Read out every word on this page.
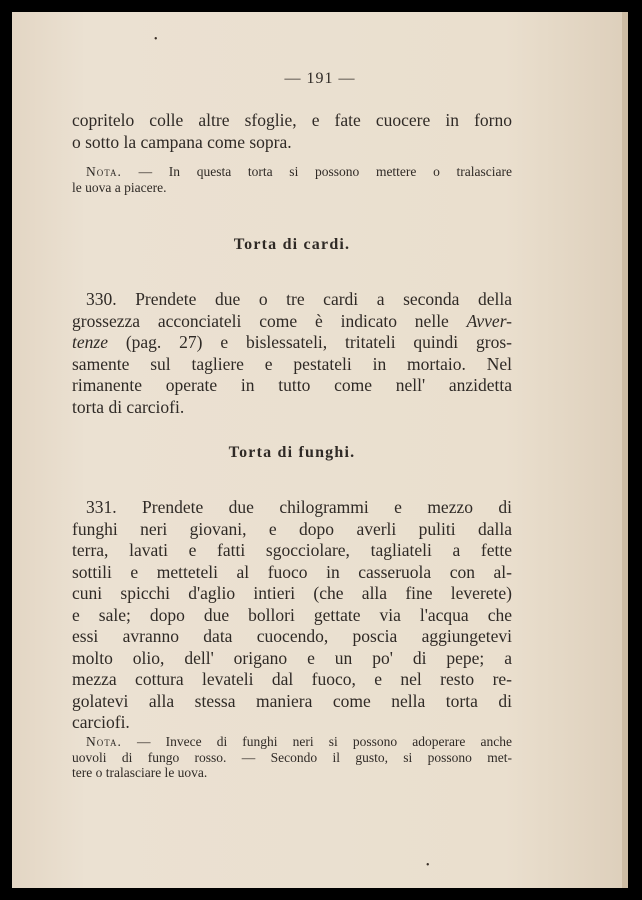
— 191 —

copritelo colle altre sfoglie, e fate cuocere in forno
o sotto la campana come sopra.

Nota. — In questa torta si possono mettere o tralasciare
le uova a piacere.

Torta di cardi.

330. Prendete due o tre cardi a seconda della
grossezza acconciateli come è indicato nelle Avver-
tenze (pag. 27) e bislessateli, tritateli quindi gros-
samente sul tagliere e pestateli in mortaio. Nel
rimanente operate in tutto come nell' anzidetta
torta di carciofi.

Torta di funghi.

331. Prendete due chilogrammi e mezzo di
funghi neri giovani, e dopo averli puliti dalla
terra, lavati e fatti sgocciolare, tagliateli a fette
sottili e metteteli al fuoco in casseruola con al-
cuni spicchi d'aglio intieri (che alla fine leverete)
e sale; dopo due bollori gettate via l'acqua che
essi avranno data cuocendo, poscia aggiungetevi
molto olio, dell' origano e un po' di pepe; a
mezza cottura levateli dal fuoco, e nel resto re-
golatevi alla stessa maniera come nella torta di
carciofi.

Nota. — Invece di funghi neri si possono adoperare anche
uovoli di fungo rosso. — Secondo il gusto, si possono met-
tere o tralasciare le uova.

•
•
